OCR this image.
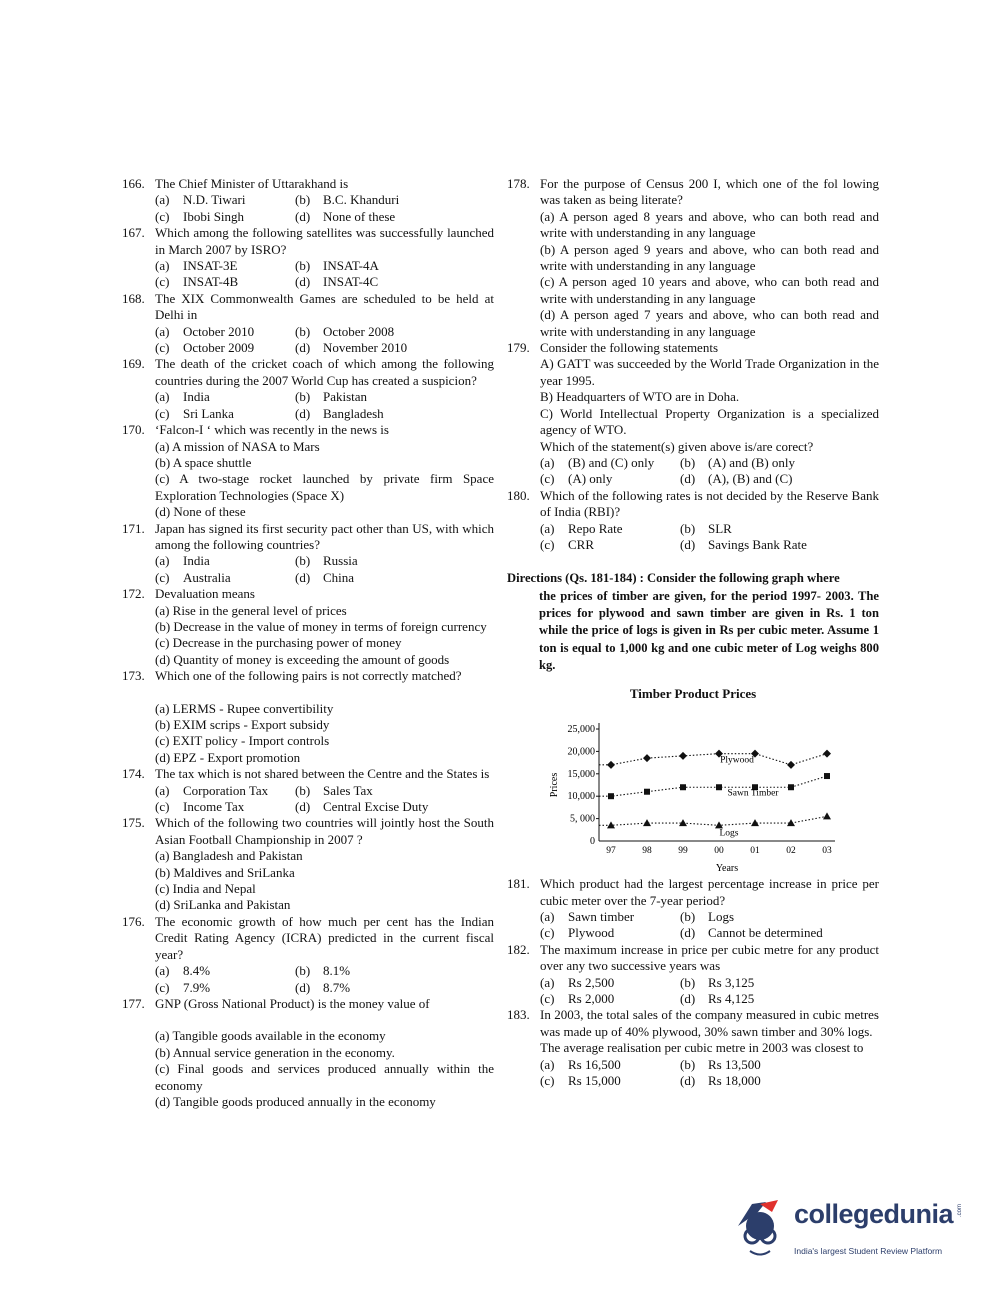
166. The Chief Minister of Uttarakhand is
(a) N.D. Tiwari	(b) B.C. Khanduri
(c) Ibobi Singh	(d) None of these
167. Which among the following satellites was successfully launched in March 2007 by ISRO?
(a) INSAT-3E	(b) INSAT-4A
(c) INSAT-4B	(d) INSAT-4C
168. The XIX Commonwealth Games are scheduled to be held at Delhi in
(a) October 2010	(b) October 2008
(c) October 2009	(d) November 2010
169. The death of the cricket coach of which among the following countries during the 2007 World Cup has created a suspicion?
(a) India	(b) Pakistan
(c) Sri Lanka	(d) Bangladesh
170. ‘Falcon-I ‘ which was recently in the news is
(a) A mission of NASA to Mars
(b) A space shuttle
(c) A two-stage rocket launched by private firm Space Exploration Technologies (Space X)
(d) None of these
171. Japan has signed its first security pact other than US, with which among the following countries?
(a) India	(b) Russia
(c) Australia	(d) China
172. Devaluation means
(a) Rise in the general level of prices
(b) Decrease in the value of money in terms of foreign currency
(c) Decrease in the purchasing power of money
(d) Quantity of money is exceeding the amount of goods
173. Which one of the following pairs is not correctly matched?
(a) LERMS - Rupee convertibility
(b) EXIM scrips - Export subsidy
(c) EXIT policy - Import controls
(d) EPZ - Export promotion
174. The tax which is not shared between the Centre and the States is
(a) Corporation Tax	(b) Sales Tax
(c) Income Tax	(d) Central Excise Duty
175. Which of the following two countries will jointly host the South Asian Football Championship in 2007 ?
(a) Bangladesh and Pakistan
(b) Maldives and SriLanka
(c) India and Nepal
(d) SriLanka and Pakistan
176. The economic growth of how much per cent has the Indian Credit Rating Agency (ICRA) predicted in the current fiscal year?
(a) 8.4%	(b) 8.1%
(c) 7.9%	(d) 8.7%
177. GNP (Gross National Product) is the money value of
(a) Tangible goods available in the economy
(b) Annual service generation in the economy.
(c) Final goods and services produced annually within the economy
(d) Tangible goods produced annually in the economy
178. For the purpose of Census 200 I, which one of the fol lowing was taken as being literate?
(a) A person aged 8 years and above, who can both read and write with understanding in any language
(b) A person aged 9 years and above, who can both read and write with understanding in any language
(c) A person aged 10 years and above, who can both read and write with understanding in any language
(d) A person aged 7 years and above, who can both read and write with understanding in any language
179. Consider the following statements
A) GATT was succeeded by the World Trade Organization in the year 1995.
B) Headquarters of WTO are in Doha.
C) World Intellectual Property Organization is a specialized agency of WTO.
Which of the statement(s) given above is/are corect?
(a) (B) and (C) only	(b) (A) and (B) only
(c) (A) only	(d) (A), (B) and (C)
180. Which of the following rates is not decided by the Reserve Bank of India (RBI)?
(a) Repo Rate	(b) SLR
(c) CRR	(d) Savings Bank Rate
Directions (Qs. 181-184) : Consider the following graph where
the prices of timber are given, for the period 1997- 2003. The prices for plywood and sawn timber are given in Rs. 1 ton while the price of logs is given in Rs per cubic meter. Assume 1 ton is equal to 1,000 kg and one cubic meter of Log weighs 800 kg.
Timber Product Prices
0
5, 000
10,000
15,000
20,000
25,000
97	98	99	00	01	02	03
Years
Prices
Plywood
Sawn Timber
Logs
181. Which product had the largest percentage increase in price per cubic meter over the 7-year period?
(a) Sawn timber	(b) Logs
(c) Plywood	(d) Cannot be determined
182. The maximum increase in price per cubic metre for any product over any two successive years was
(a) Rs 2,500	(b) Rs 3,125
(c) Rs 2,000	(d) Rs 4,125
183. In 2003, the total sales of the company measured in cubic metres was made up of 40% plywood, 30% sawn timber and 30% logs.
The average realisation per cubic metre in 2003 was closest to
(a) Rs 16,500	(b) Rs 13,500
(c) Rs 15,000	(d) Rs 18,000
collegedunia .com
India's largest Student Review Platform
